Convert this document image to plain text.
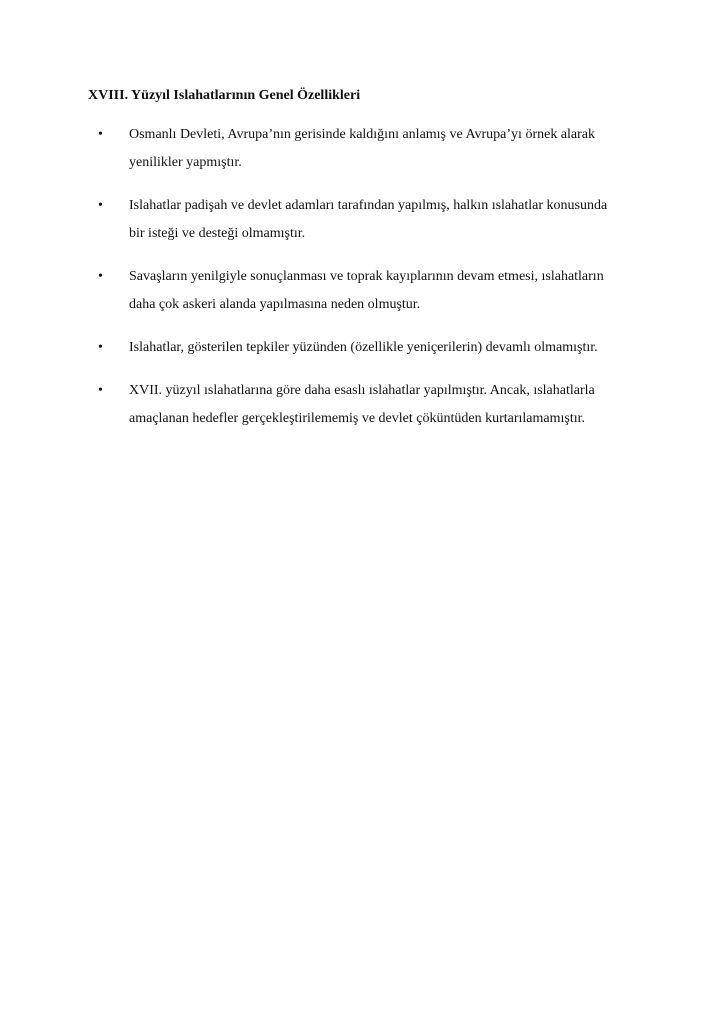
XVIII. Yüzyıl Islahatlarının Genel Özellikleri
•	Osmanlı Devleti, Avrupa’nın gerisinde kaldığını anlamış ve Avrupa’yı örnek alarak
yenilikler yapmıştır.
•	Islahatlar padişah ve devlet adamları tarafından yapılmış, halkın ıslahatlar konusunda
bir isteği ve desteği olmamıştır.
•	Savaşların yenilgiyle sonuçlanması ve toprak kayıplarının devam etmesi, ıslahatların
daha çok askeri alanda yapılmasına neden olmuştur.
•	Islahatlar, gösterilen tepkiler yüzünden (özellikle yeniçerilerin) devamlı olmamıştır.
•	XVII. yüzyıl ıslahatlarına göre daha esaslı ıslahatlar yapılmıştır. Ancak, ıslahatlarla
amaçlanan hedefler gerçekleştirilememiş ve devlet çöküntüden kurtarılamamıştır.
